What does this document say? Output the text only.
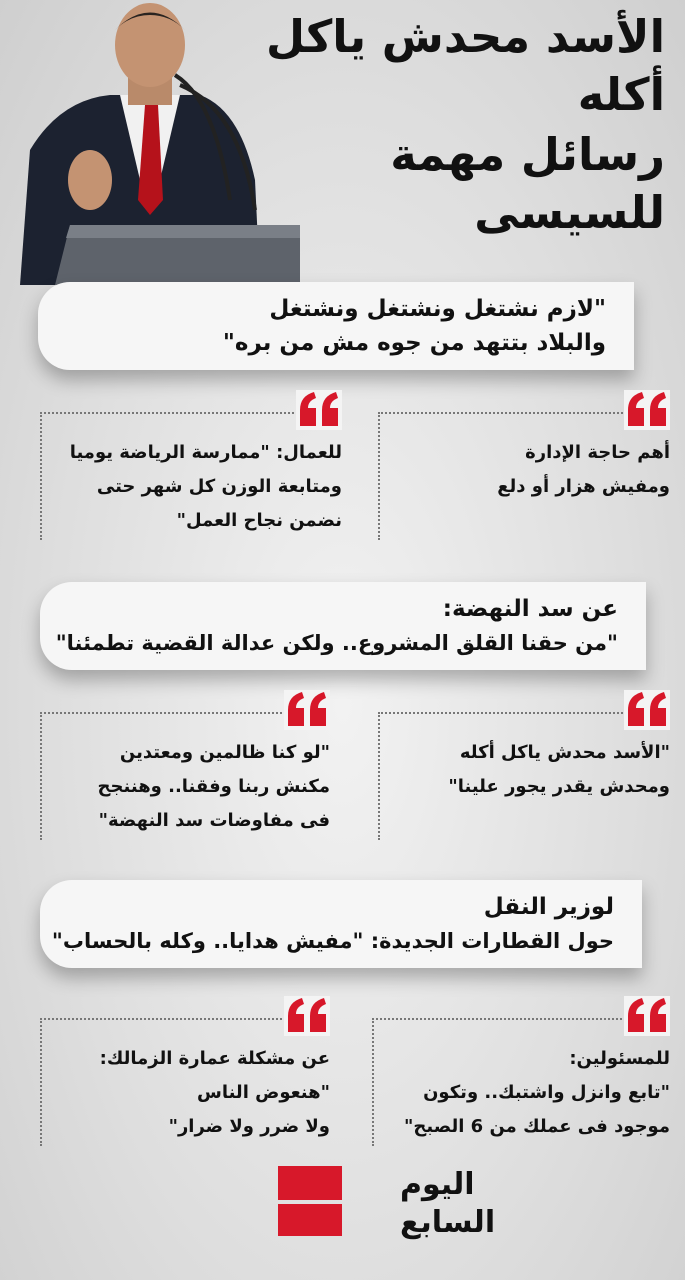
الأسد محدش ياكل أكله
رسائل مهمة للسيسى
"لازم نشتغل ونشتغل ونشتغل
والبلاد بتتهد من جوه مش من بره"
أهم حاجة الإدارة
ومفيش هزار أو دلع
للعمال: "ممارسة الرياضة يوميا
ومتابعة الوزن كل شهر حتى
نضمن نجاح العمل"
عن سد النهضة:
"من حقنا القلق المشروع.. ولكن عدالة القضية تطمئنا"
"الأسد محدش ياكل أكله
ومحدش يقدر يجور علينا"
"لو كنا ظالمين ومعتدين
مكنش ربنا وفقنا.. وهننجح
فى مفاوضات سد النهضة"
لوزير النقل
حول القطارات الجديدة: "مفيش هدايا.. وكله بالحساب"
للمسئولين:
"تابع وانزل واشتبك.. وتكون
موجود فى عملك من 6 الصبح"
عن مشكلة عمارة الزمالك:
"هنعوض الناس
ولا ضرر ولا ضرار"
اليوم
السابع
